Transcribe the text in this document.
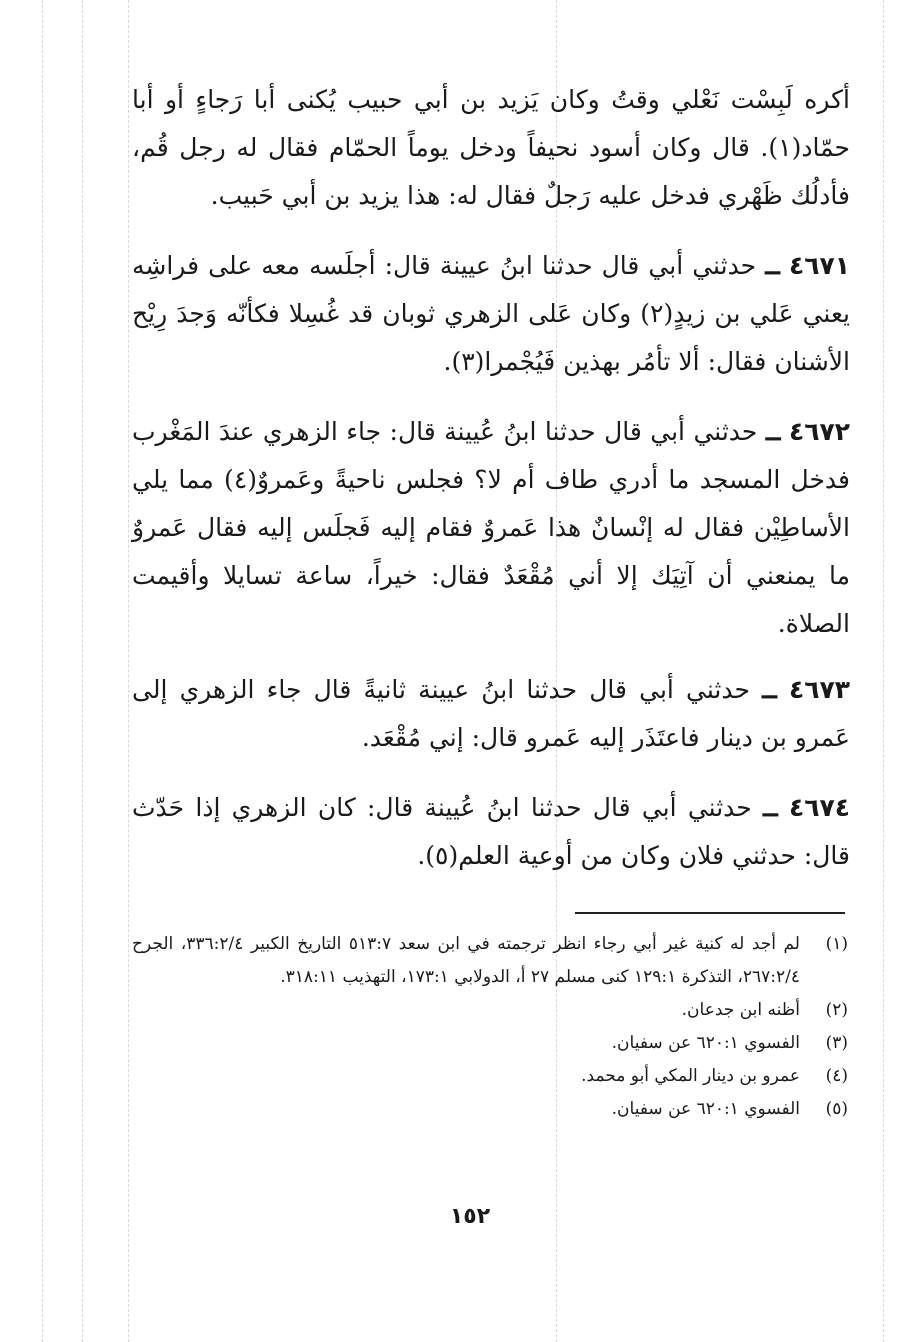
أكره لَبِسْت نَعْلي وقتُ وكان يَزيد بن أبي حبيب يُكنى أبا رَجاءٍ أو أبا حمّاد(١). قال وكان أسود نحيفاً ودخل يوماً الحمّام فقال له رجل قُم، فأدلُك ظَهْري فدخل عليه رَجلٌ فقال له: هذا يزيد بن أبي حَبيب.

٤٦٧١ ــ حدثني أبي قال حدثنا ابنُ عيينة قال: أجلَسه معه على فراشِه يعني عَلي بن زيدٍ(٢) وكان عَلى الزهري ثوبان قد غُسِلا فكأنّه وَجدَ رِيْح الأشنان فقال: ألا تأمُر بهذين فَيُجْمرا(٣).

٤٦٧٢ ــ حدثني أبي قال حدثنا ابنُ عُيينة قال: جاء الزهري عندَ المَغْرب فدخل المسجد ما أدري طاف أم لا؟ فجلس ناحيةً وعَمروٌ(٤) مما يلي الأساطِيْن فقال له إنْسانٌ هذا عَمروٌ فقام إليه فَجلَس إليه فقال عَمروٌ ما يمنعني أن آتِيَك إلا أني مُقْعَدٌ فقال: خيراً، ساعة تسايلا وأقيمت الصلاة.

٤٦٧٣ ــ حدثني أبي قال حدثنا ابنُ عيينة ثانيةً قال جاء الزهري إلى عَمرو بن دينار فاعتَذَر إليه عَمرو قال: إني مُقْعَد.

٤٦٧٤ ــ حدثني أبي قال حدثنا ابنُ عُيينة قال: كان الزهري إذا حَدّث قال: حدثني فلان وكان من أوعية العلم(٥).

(١)
لم أجد له كنية غير أبي رجاء انظر ترجمته في ابن سعد ٥١٣:٧ التاريخ الكبير ٣٣٦:٢/٤، الجرح ٢٦٧:٢/٤، التذكرة ١٢٩:١ كنى مسلم ٢٧ أ، الدولابي ١٧٣:١، التهذيب ٣١٨:١١.
(٢)
أظنه ابن جدعان.
(٣)
الفسوي ٦٢٠:١ عن سفيان.
(٤)
عمرو بن دينار المكي أبو محمد.
(٥)
الفسوي ٦٢٠:١ عن سفيان.
١٥٢
